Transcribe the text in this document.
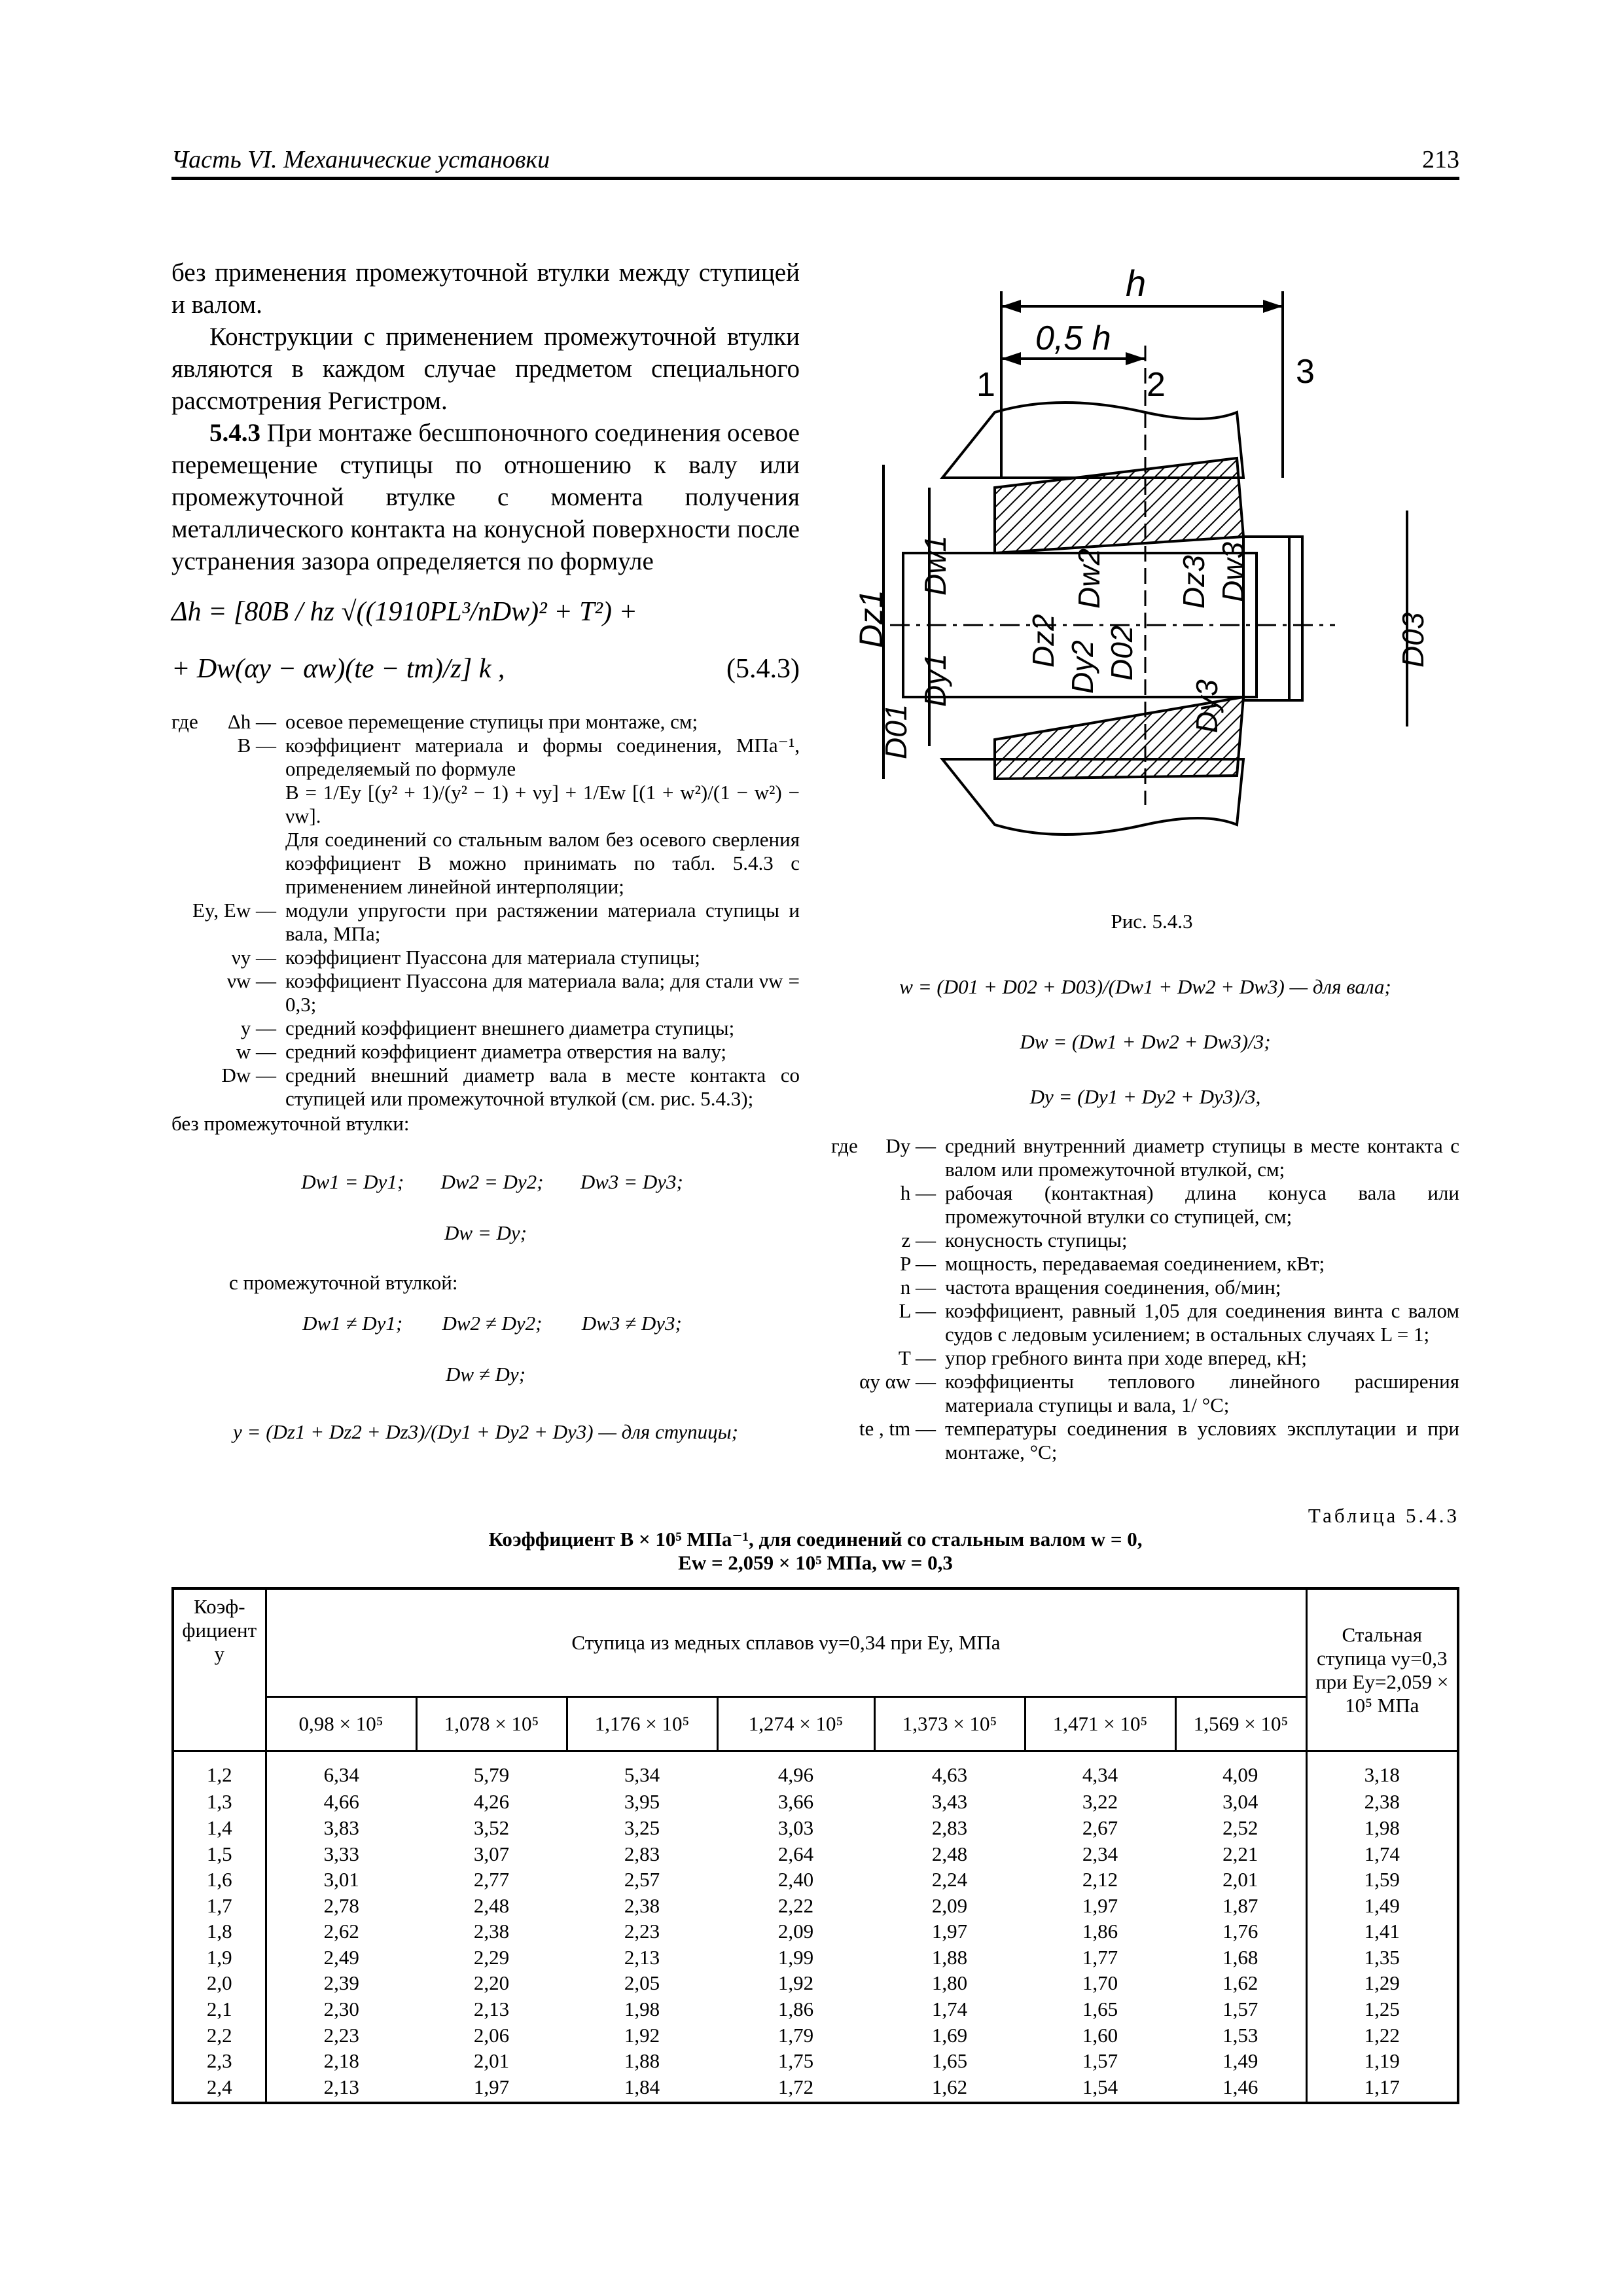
Часть VI. Механические установки	213
без применения промежуточной втулки между ступицей и валом.
Конструкции с применением промежуточной втулки являются в каждом случае предметом специального рассмотрения Регистром.
5.4.3 При монтаже бесшпоночного соединения осевое перемещение ступицы по отношению к валу или промежуточной втулке с момента получения металлического контакта на конусной поверхности после устранения зазора определяется по формуле
Δh = [80B / hz √((1910PL³/nDw)² + T²) +
+ Dw(αy − αw)(te − tm)/z] k ,	(5.4.3)
где	Δh — осевое перемещение ступицы при монтаже, см;
B — коэффициент материала и формы соединения, МПа⁻¹, определяемый по формуле
B = 1/Ey [(y² + 1)/(y² − 1) + νy] + 1/Ew [(1 + w²)/(1 − w²) − νw].
Для соединений со стальным валом без осевого сверления коэффициент В можно принимать по табл. 5.4.3 с применением линейной интерполяции;
Ey, Ew — модули упругости при растяжении материала ступицы и вала, МПа;
νy — коэффициент Пуассона для материала ступицы;
νw — коэффициент Пуассона для материала вала; для стали νw = 0,3;
y — средний коэффициент внешнего диаметра ступицы;
w — средний коэффициент диаметра отверстия на валу;
Dw — средний внешний диаметр вала в месте контакта со ступицей или промежуточной втулкой (см. рис. 5.4.3);
без промежуточной втулки:
Dw1 = Dy1; Dw2 = Dy2; Dw3 = Dy3;
Dw = Dy;
с промежуточной втулкой:
Dw1 ≠ Dy1; Dw2 ≠ Dy2; Dw3 ≠ Dy3;
Dw ≠ Dy;
y = (Dz1 + Dz2 + Dz3)/(Dy1 + Dy2 + Dy3) — для ступицы;
h
0,5 h
1	2	3
Dz1
Dw1
Dy1
D01
Dz2 Dy2
Dw2
D02
Dz3 Dw3
Dy3
D03
Рис. 5.4.3
w = (D01 + D02 + D03)/(Dw1 + Dw2 + Dw3) — для вала;
Dw = (Dw1 + Dw2 + Dw3)/3;
Dy = (Dy1 + Dy2 + Dy3)/3,
где	Dy — средний внутренний диаметр ступицы в месте контакта с валом или промежуточной втулкой, см;
h — рабочая (контактная) длина конуса вала или промежуточной втулки со ступицей, см;
z — конусность ступицы;
P — мощность, передаваемая соединением, кВт;
n — частота вращения соединения, об/мин;
L — коэффициент, равный 1,05 для соединения винта с валом судов с ледовым усилением; в остальных случаях L = 1;
T — упор гребного винта при ходе вперед, кН;
αy αw — коэффициенты теплового линейного расширения материала ступицы и вала, 1/ °C;
te , tm — температуры соединения в условиях эксплутации и при монтаже, °C;
Таблица 5.4.3
Коэффициент B × 10⁵ МПа⁻¹, для соединений со стальным валом w = 0,
Ew = 2,059 × 10⁵ МПа, νw = 0,3
Коэф-фициент y	Ступица из медных сплавов νy=0,34 при Ey, МПа							Стальная ступица νy=0,3 при Ey=2,059 × 10⁵ МПа
	0,98 × 10⁵	1,078 × 10⁵	1,176 × 10⁵	1,274 × 10⁵	1,373 × 10⁵	1,471 × 10⁵	1,569 × 10⁵	
1,2	6,34	5,79	5,34	4,96	4,63	4,34	4,09	3,18
1,3	4,66	4,26	3,95	3,66	3,43	3,22	3,04	2,38
1,4	3,83	3,52	3,25	3,03	2,83	2,67	2,52	1,98
1,5	3,33	3,07	2,83	2,64	2,48	2,34	2,21	1,74
1,6	3,01	2,77	2,57	2,40	2,24	2,12	2,01	1,59
1,7	2,78	2,48	2,38	2,22	2,09	1,97	1,87	1,49
1,8	2,62	2,38	2,23	2,09	1,97	1,86	1,76	1,41
1,9	2,49	2,29	2,13	1,99	1,88	1,77	1,68	1,35
2,0	2,39	2,20	2,05	1,92	1,80	1,70	1,62	1,29
2,1	2,30	2,13	1,98	1,86	1,74	1,65	1,57	1,25
2,2	2,23	2,06	1,92	1,79	1,69	1,60	1,53	1,22
2,3	2,18	2,01	1,88	1,75	1,65	1,57	1,49	1,19
2,4	2,13	1,97	1,84	1,72	1,62	1,54	1,46	1,17
